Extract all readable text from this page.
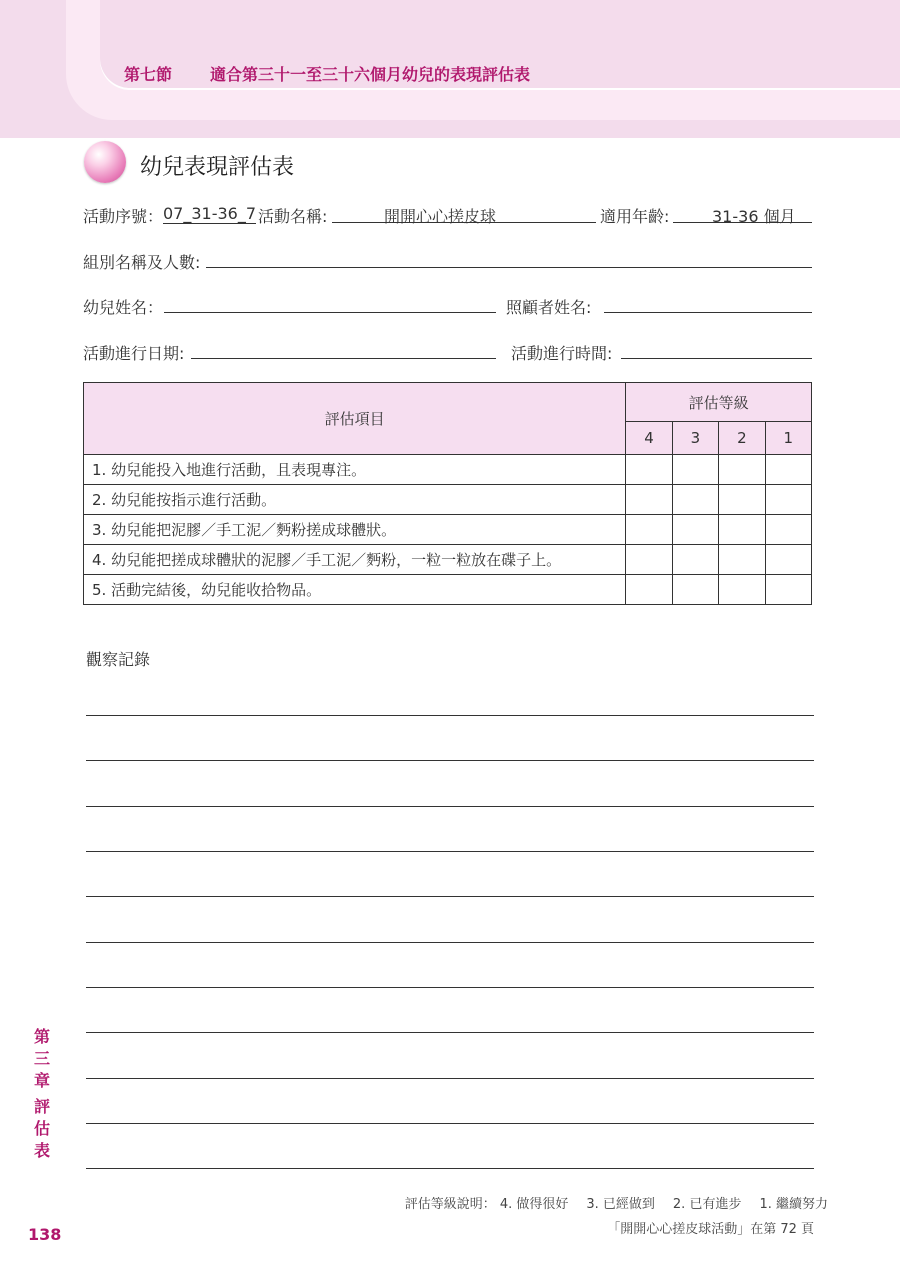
第七節 適合第三十一至三十六個月幼兒的表現評估表
幼兒表現評估表
活動序號： 07_31-36_7 活動名稱:	開開心心搓皮球	適用年齡:	31-36 個月
組別名稱及人數:
幼兒姓名：	照顧者姓名:
活動進行日期:	活動進行時間:
評估項目	評估等級			
	4	3	2	1
1. 幼兒能投入地進行活動，且表現專注。				
2. 幼兒能按指示進行活動。				
3. 幼兒能把泥膠／手工泥／麪粉搓成球體狀。				
4. 幼兒能把搓成球體狀的泥膠／手工泥／麪粉，一粒一粒放在碟子上。				
5. 活動完結後，幼兒能收拾物品。				
觀察記錄
第三章
評估表
138
評估等級說明： 4. 做得很好 3. 已經做到 2. 已有進步 1. 繼續努力
「開開心心搓皮球活動」在第 72 頁
